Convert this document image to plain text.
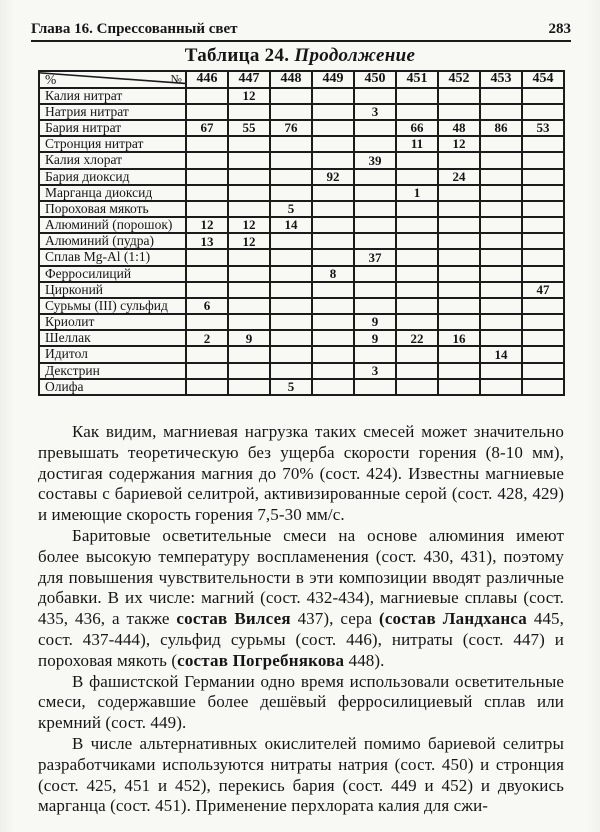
Глава 16. Спрессованный свет	283
Таблица 24. Продолжение
% №	446	447	448	449	450	451	452	453	454
Калия нитрат		12							
Натрия нитрат					3				
Бария нитрат	67	55	76			66	48	86	53
Стронция нитрат						11	12		
Калия хлорат					39				
Бария диоксид				92			24		
Марганца диоксид						1			
Пороховая мякоть			5						
Алюминий (порошок)	12	12	14						
Алюминий (пудра)	13	12							
Сплав Mg-Al (1:1)					37				
Ферросилиций				8					
Цирконий									47
Сурьмы (III) сульфид	6								
Криолит					9				
Шеллак	2	9			9	22	16		
Идитол								14	
Декстрин					3				
Олифа			5						

Как видим, магниевая нагрузка таких смесей может значительно превышать теоретическую без ущерба скорости горения (8-10 мм), достигая содержания магния до 70% (сост. 424). Известны магниевые составы с бариевой селитрой, активизированные серой (сост. 428, 429) и имеющие скорость горения 7,5-30 мм/с.

Баритовые осветительные смеси на основе алюминия имеют более высокую температуру воспламенения (сост. 430, 431), поэтому для повышения чувствительности в эти композиции вводят различные добавки. В их числе: магний (сост. 432-434), магниевые сплавы (сост. 435, 436, а также состав Вилсея 437), сера (состав Ландханса 445, сост. 437-444), сульфид сурьмы (сост. 446), нитраты (сост. 447) и пороховая мякоть (состав Погребнякова 448).

В фашистской Германии одно время использовали осветительные смеси, содержавшие более дешёвый ферросилициевый сплав или кремний (сост. 449).

В числе альтернативных окислителей помимо бариевой селитры разработчиками используются нитраты натрия (сост. 450) и стронция (сост. 425, 451 и 452), перекись бария (сост. 449 и 452) и двуокись марганца (сост. 451). Применение перхлората калия для сжи-
